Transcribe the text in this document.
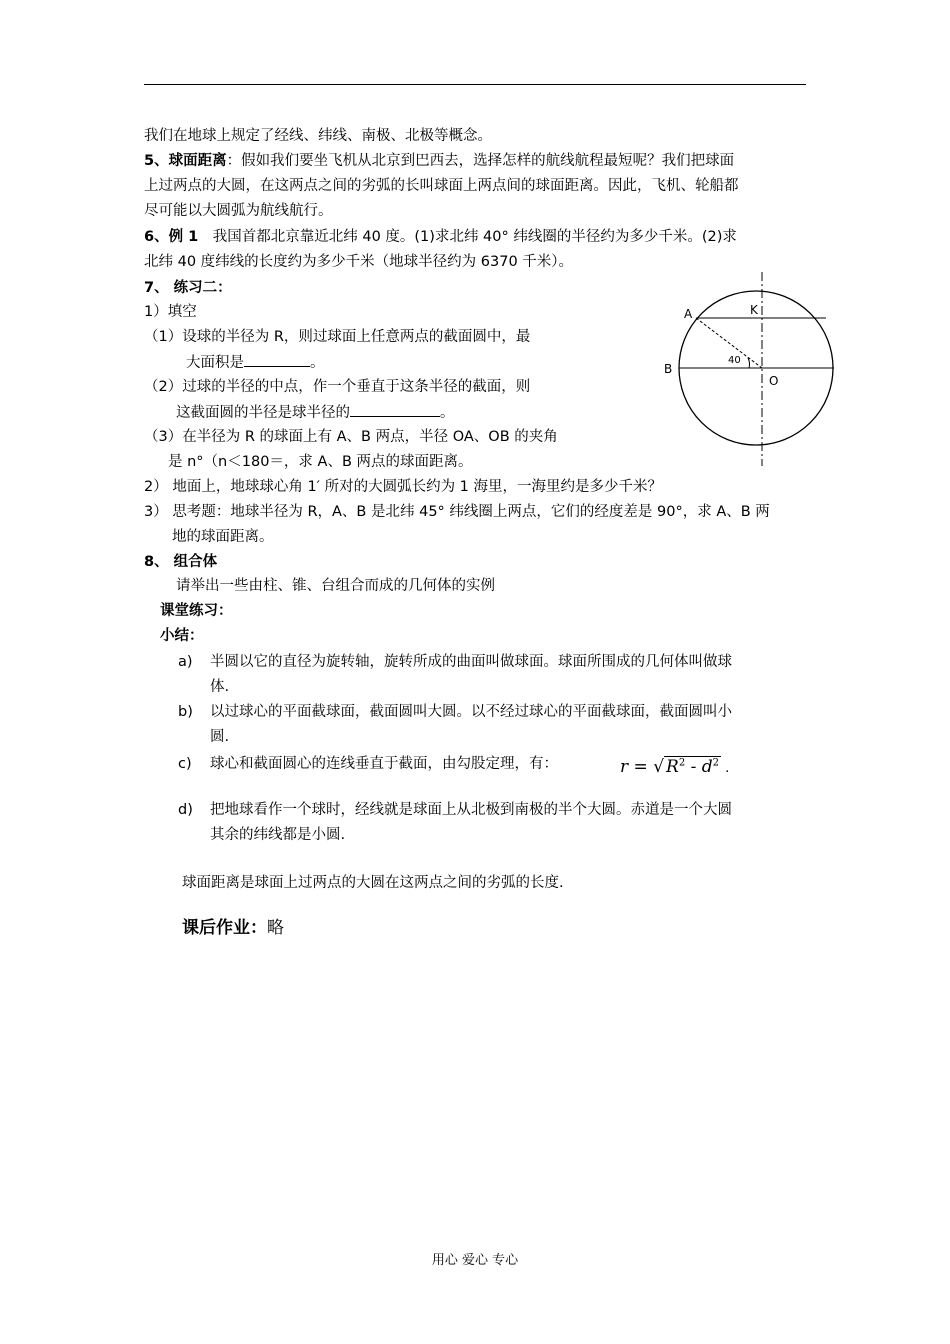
我们在地球上规定了经线、纬线、南极、北极等概念。
5、球面距离：假如我们要坐飞机从北京到巴西去，选择怎样的航线航程最短呢？我们把球面
上过两点的大圆，在这两点之间的劣弧的长叫球面上两点间的球面距离。因此，飞机、轮船都
尽可能以大圆弧为航线航行。
6、例 1　我国首都北京靠近北纬 40 度。(1)求北纬 40° 纬线圈的半径约为多少千米。(2)求
北纬 40 度纬线的长度约为多少千米（地球半径约为 6370 千米）。
7、 练习二：
1）填空
（1）设球的半径为 R，则过球面上任意两点的截面圆中，最
大面积是	。
（2）过球的半径的中点，作一个垂直于这条半径的截面，则
这截面圆的半径是球半径的	。
（3）在半径为 R 的球面上有 A、B 两点，半径 OA、OB 的夹角
是 n°（n＜180＝，求 A、B 两点的球面距离。
2） 地面上，地球球心角 1′ 所对的大圆弧长约为 1 海里，一海里约是多少千米？
3） 思考题：地球半径为 R，A、B 是北纬 45° 纬线圈上两点，它们的经度差是 90°，求 A、B 两
地的球面距离。
8、 组合体
请举出一些由柱、锥、台组合而成的几何体的实例
课堂练习：
小结：
a) 半圆以它的直径为旋转轴，旋转所成的曲面叫做球面。球面所围成的几何体叫做球
体.
b) 以过球心的平面截球面，截面圆叫大圆。以不经过球心的平面截球面，截面圆叫小
圆.
c) 球心和截面圆心的连线垂直于截面，由勾股定理，有：	r = √ $R^2 - d^2$ .
d) 把地球看作一个球时，经线就是球面上从北极到南极的半个大圆。赤道是一个大圆
其余的纬线都是小圆.
球面距离是球面上过两点的大圆在这两点之间的劣弧的长度.
课后作业：略
A	K
B
O
40
用心 爱心 专心
